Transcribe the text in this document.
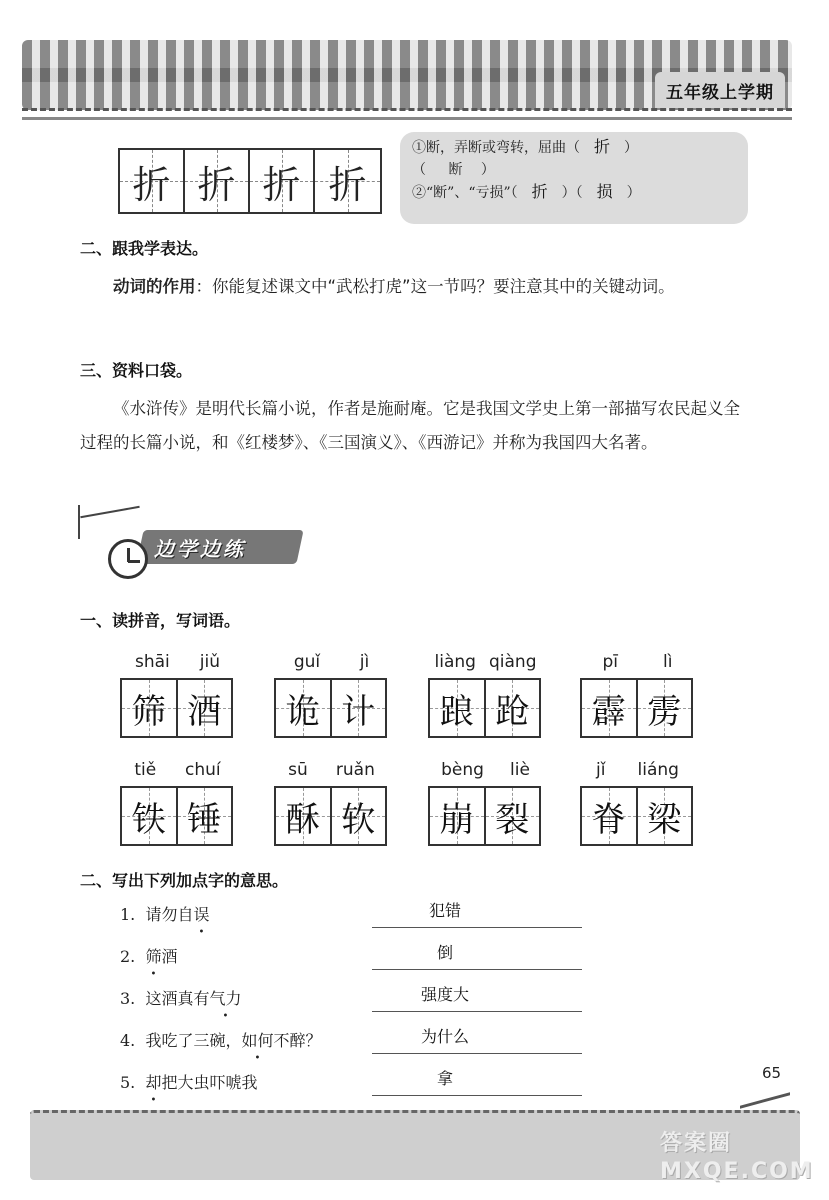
五年级上学期
折 折 折 折
①断，弄断或弯转，屈曲（ 折 ）
（ 断 ）
②“断”、“亏损”（ 折 ）（ 损 ）
二、跟我学表达。
动词的作用：你能复述课文中“武松打虎”这一节吗？要注意其中的关键动词。
三、资料口袋。
《水浒传》是明代长篇小说，作者是施耐庵。它是我国文学史上第一部描写农民起义全过程的长篇小说，和《红楼梦》、《三国演义》、《西游记》并称为我国四大名著。
边学边练
一、读拼音，写词语。
shāi jiǔ
筛 酒
guǐ jì
诡 计
liàng qiàng
踉 跄
pī	lì
霹 雳
tiě chuí
铁 锤
sū ruǎn
酥 软
bèng liè
崩 裂
jǐ liáng
脊 梁
二、写出下列加点字的意思。
1. 请勿自误	犯错
2. 筛酒	倒
3. 这酒真有气力	强度大
4. 我吃了三碗，如何不醉？	为什么
5. 却把大虫吓唬我	拿	65
答案圈
MXQE.COM
